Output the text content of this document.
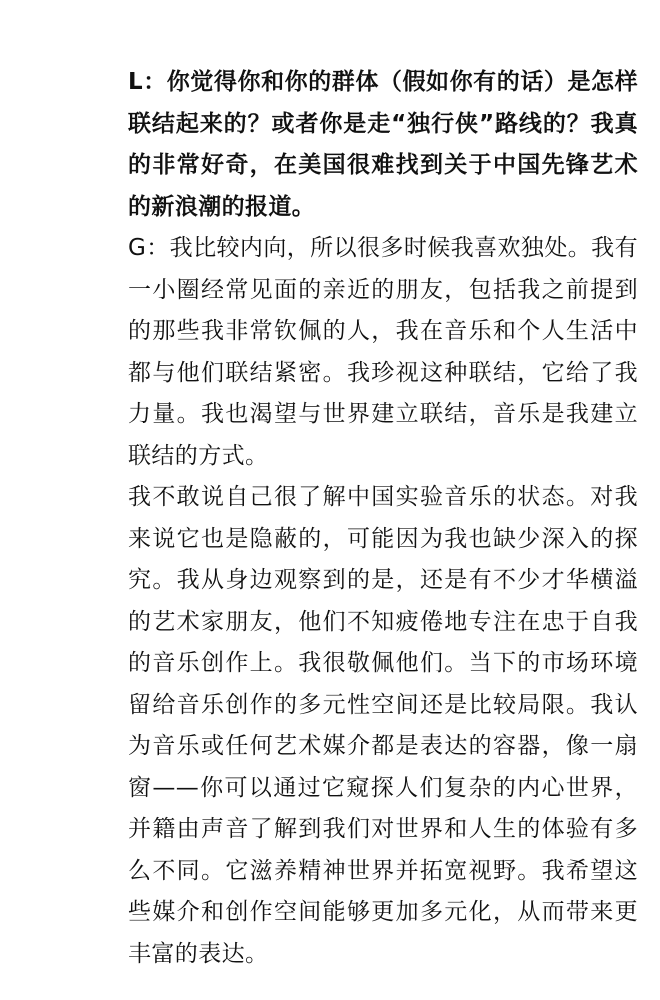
L：你觉得你和你的群体（假如你有的话）是怎样联结起来的？或者你是走“独行侠”路线的？我真的非常好奇，在美国很难找到关于中国先锋艺术的新浪潮的报道。

G：我比较内向，所以很多时候我喜欢独处。我有一小圈经常见面的亲近的朋友，包括我之前提到的那些我非常钦佩的人，我在音乐和个人生活中都与他们联结紧密。我珍视这种联结，它给了我力量。我也渴望与世界建立联结，音乐是我建立联结的方式。

我不敢说自己很了解中国实验音乐的状态。对我来说它也是隐蔽的，可能因为我也缺少深入的探究。我从身边观察到的是，还是有不少才华横溢的艺术家朋友，他们不知疲倦地专注在忠于自我的音乐创作上。我很敬佩他们。当下的市场环境留给音乐创作的多元性空间还是比较局限。我认为音乐或任何艺术媒介都是表达的容器，像一扇窗——你可以通过它窥探人们复杂的内心世界，并籍由声音了解到我们对世界和人生的体验有多么不同。它滋养精神世界并拓宽视野。我希望这些媒介和创作空间能够更加多元化，从而带来更丰富的表达。
